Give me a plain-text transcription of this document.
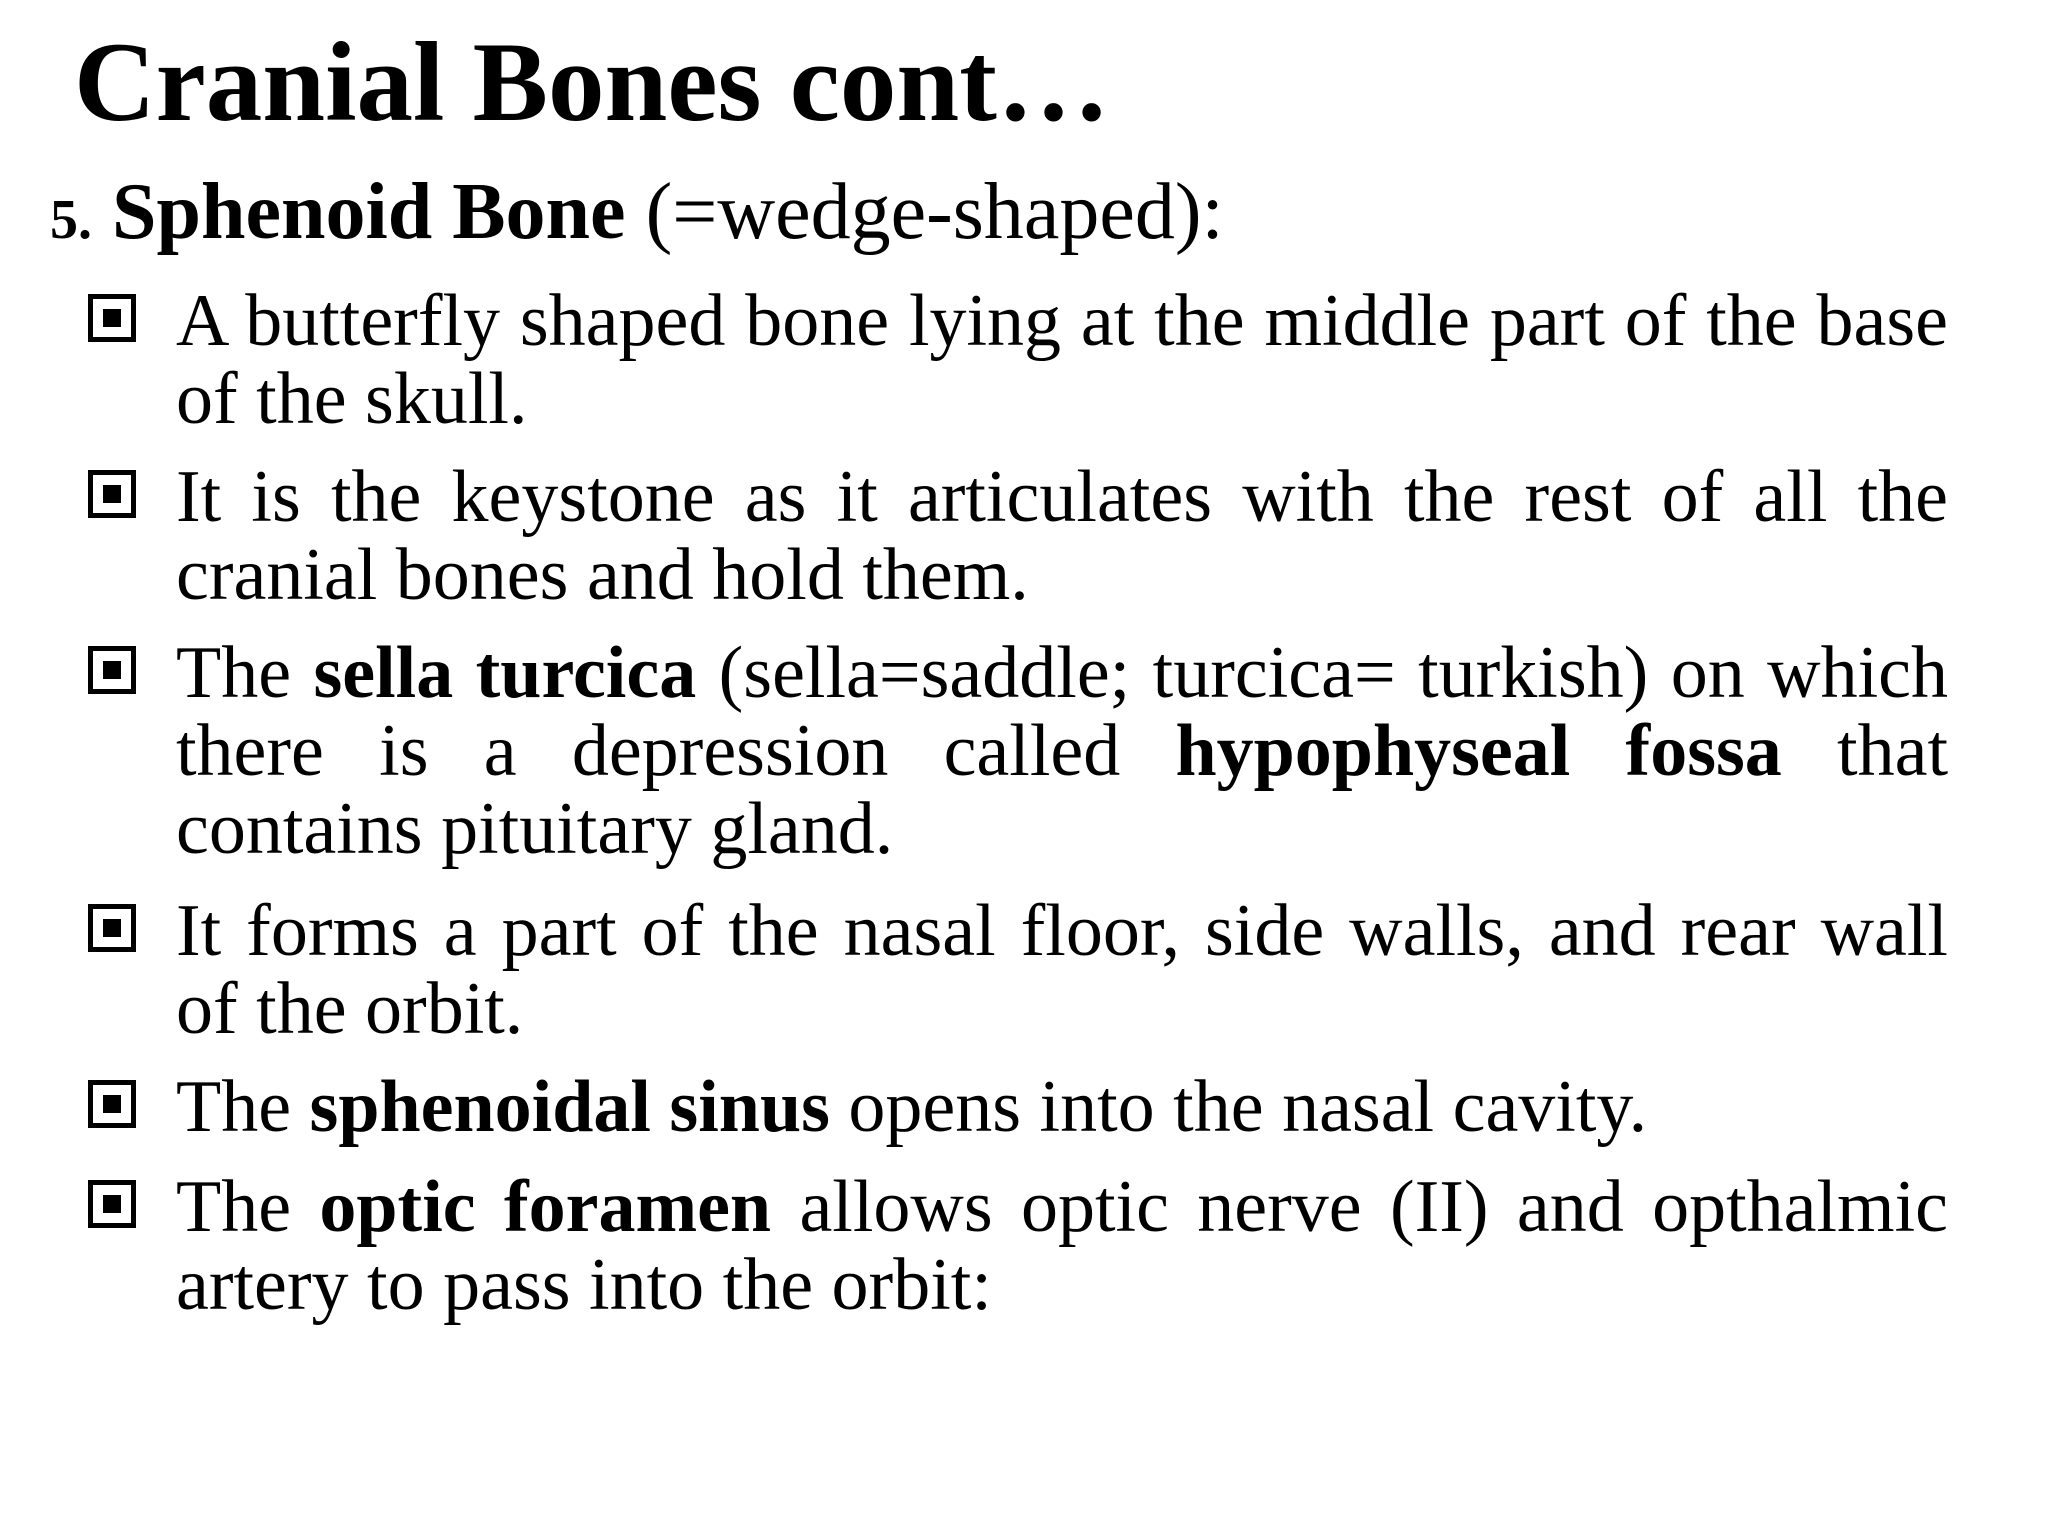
Cranial Bones cont…
5. Sphenoid Bone (=wedge-shaped):
A butterfly shaped bone lying at the middle part of the base of the skull.
It is the keystone as it articulates with the rest of all the cranial bones and hold them.
The sella turcica (sella=saddle; turcica= turkish) on which there is a depression called hypophyseal fossa that contains pituitary gland.
It forms a part of the nasal floor, side walls, and rear wall of the orbit.
The sphenoidal sinus opens into the nasal cavity.
The optic foramen allows optic nerve (II) and opthalmic artery to pass into the orbit:
